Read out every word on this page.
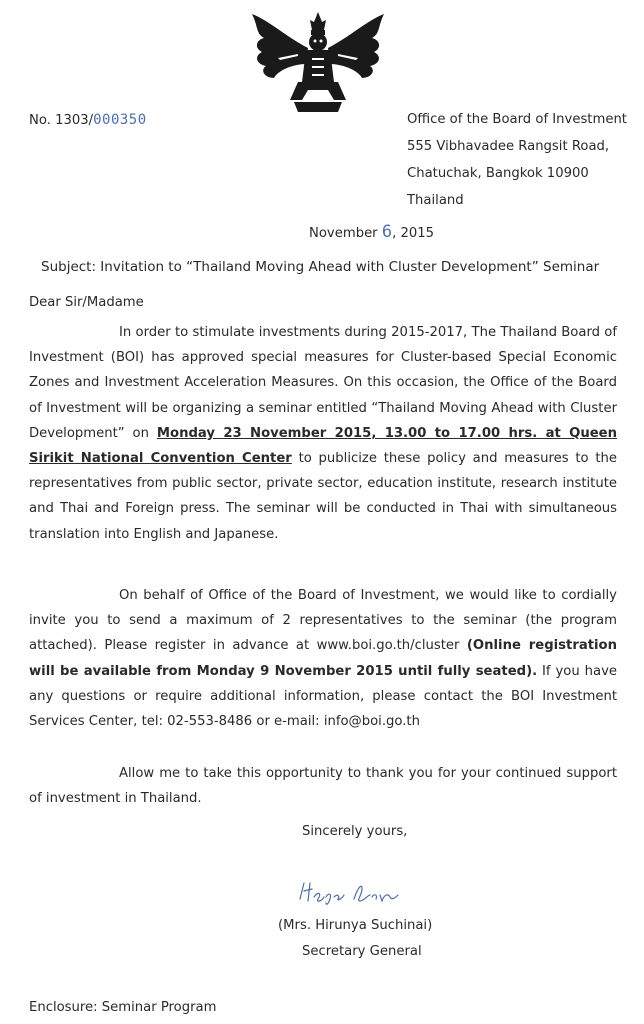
No. 1303/000350	Office of the Board of Investment
555 Vibhavadee Rangsit Road,
Chatuchak, Bangkok 10900
Thailand
November 6, 2015
Subject: Invitation to “Thailand Moving Ahead with Cluster Development” Seminar
Dear Sir/Madame

In order to stimulate investments during 2015-2017, The Thailand Board of Investment (BOI) has approved special measures for Cluster-based Special Economic Zones and Investment Acceleration Measures. On this occasion, the Office of the Board of Investment will be organizing a seminar entitled “Thailand Moving Ahead with Cluster Development” on Monday 23 November 2015, 13.00 to 17.00 hrs. at Queen Sirikit National Convention Center to publicize these policy and measures to the representatives from public sector, private sector, education institute, research institute and Thai and Foreign press. The seminar will be conducted in Thai with simultaneous translation into English and Japanese.

On behalf of Office of the Board of Investment, we would like to cordially invite you to send a maximum of 2 representatives to the seminar (the program attached). Please register in advance at www.boi.go.th/cluster (Online registration will be available from Monday 9 November 2015 until fully seated). If you have any questions or require additional information, please contact the BOI Investment Services Center, tel: 02-553-8486 or e-mail: info@boi.go.th

Allow me to take this opportunity to thank you for your continued support of investment in Thailand.

Sincerely yours,
(Mrs. Hirunya Suchinai)
Secretary General
Enclosure: Seminar Program
